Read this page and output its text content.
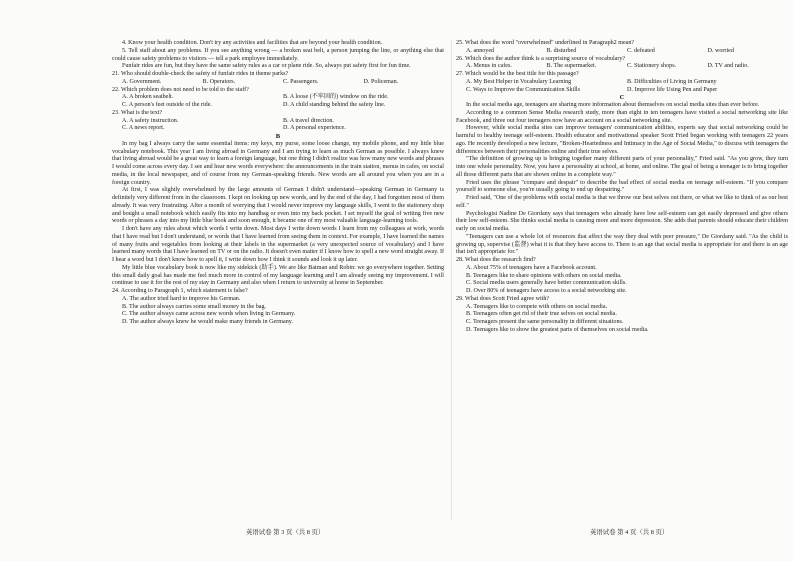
4. Know your health condition. Don't try any activities and facilities that are beyond your health condition.

5. Tell staff about any problems. If you see anything wrong — a broken seat belt, a person jumping the line, or anything else that could cause safety problems to visitors — tell a park employee immediately.

Funfair rides are fun, but they have the same safety rules as a car or plane ride. So, always put safety first for fun time.

21. Who should double-check the safety of funfair rides in theme parks?

A. Government.	B. Operators.	C. Passengers.	D. Policeman.

22. Which problem does not need to be told to the staff?

A. A broken seatbelt.	B. A loose (不牢固的) window on the ride.

C. A person's feet outside of the ride.	D. A child standing behind the safety line.

23. What is the text?

A. A safety instruction.	B. A travel direction.

C. A news report.	D. A personal experience.

B

In my bag I always carry the same essential items: my keys, my purse, some loose change, my mobile phone, and my little blue vocabulary notebook. This year I am living abroad in Germany and I am trying to learn as much German as possible. I always knew that living abroad would be a great way to learn a foreign language, but one thing I didn't realize was how many new words and phrases I would come across every day. I see and hear new words everywhere: the announcements in the train station, menus in cafes, on social media, in the local newspaper, and of course from my German-speaking friends. New words are all around you when you are in a foreign country.

At first, I was slightly overwhelmed by the large amounts of German I didn't understand—speaking German in Germany is definitely very different from in the classroom. I kept on looking up new words, and by the end of the day, I had forgotten most of them already. It was very frustrating. After a month of worrying that I would never improve my language skills, I went to the stationery shop and bought a small notebook which easily fits into my handbag or even into my back pocket. I set myself the goal of writing five new words or phrases a day into my little blue book and soon enough, it became one of my most valuable language-learning tools.

I don't have any rules about which words I write down. Most days I write down words I learn from my colleagues at work, words that I have read but I don't understand, or words that I have learned from seeing them in context. For example, I have learned the names of many fruits and vegetables from looking at their labels in the supermarket (a very unexpected source of vocabulary) and I have learned many words that I have learned on TV or on the radio. It doesn't even matter if I know how to spell a new word straight away. If I hear a word but I don't know how to spell it, I write down how I think it sounds and look it up later.

My little blue vocabulary book is now like my sidekick (助手). We are like Batman and Robin: we go everywhere together. Setting this small daily goal has made me feel much more in control of my language learning and I am already seeing my improvement. I will continue to use it for the rest of my stay in Germany and also when I return to university at home in September.

24. According to Paragraph 1, which statement is false?

A. The author tried hard to improve his German.

B. The author always carries some small money in the bag.

C. The author always came across new words when living in Germany.

D. The author always knew he would make many friends in Germany.

25. What does the word "overwhelmed" underlined in Paragraph2 mean?

A. annoyed	B. disturbed	C. defeated	D. worried

26. Which does the author think is a surprising source of vocabulary?

A. Menus in cafes.	B. The supermarket.	C. Stationery shops.	D. TV and radio.

27. Which would be the best title for this passage?

A. My Best Helper in Vocabulary Learning	B. Difficulties of Living in Germany

C. Ways to Improve the Communication Skills	D. Improve life Using Pen and Paper

C

In the social media age, teenagers are sharing more information about themselves on social media sites than ever before.

According to a common Sense Media research study, more than eight in ten teenagers have visited a social networking site like Facebook, and three out four teenagers now have an account on a social networking site.

However, while social media sites can improve teenagers' communication abilities, experts say that social networking could be harmful to healthy teenage self-esteem. Health educator and motivational speaker Scott Fried began working with teenagers 22 years ago. He recently developed a new lecture, "Broken-Heartedness and Intimacy in the Age of Social Media," to discuss with teenagers the differences between their personalities online and their true selves.

"The definition of growing up is bringing together many different parts of your personality," Fried said. "As you grow, they turn into one whole personality. Now, you have a personality at school, at home, and online. The goal of being a teenager is to bring together all those different parts that are shown online in a complete way."

Fried uses the phrase "compare and despair" to describe the bad effect of social media on teenage self-esteem. "If you compare yourself to someone else, you're usually going to end up despairing."

Fried said, "One of the problems with social media is that we throw our best selves out there, or what we like to think of as our best self."

Psychologist Nadine De Giordany says that teenagers who already have low self-esteem can get easily depressed and give others their low self-esteem. She thinks social media is causing more and more depression. She adds that parents should educate their children early on social media.

"Teenagers can use a whole lot of resources that affect the way they deal with peer pressure," De Giordany said. "As the child is growing up, supervise (监督) what it is that they have access to. There is an age that social media is appropriate for and there is an age that isn't appropriate for."

28. What does the research find?

A. About 75% of teenagers have a Facebook account.

B. Teenagers like to share opinions with others on social media.

C. Social media users generally have better communication skills.

D. Over 80% of teenagers have access to a social networking site.

29. What does Scott Fried agree with?

A. Teenagers like to compete with others on social media.

B. Teenagers often get rid of their true selves on social media.

C. Teenagers present the same personality in different situations.

D. Teenagers like to show the greatest parts of themselves on social media.

英语试卷 第 3 页（共 8 页）	英语试卷 第 4 页（共 8 页）
